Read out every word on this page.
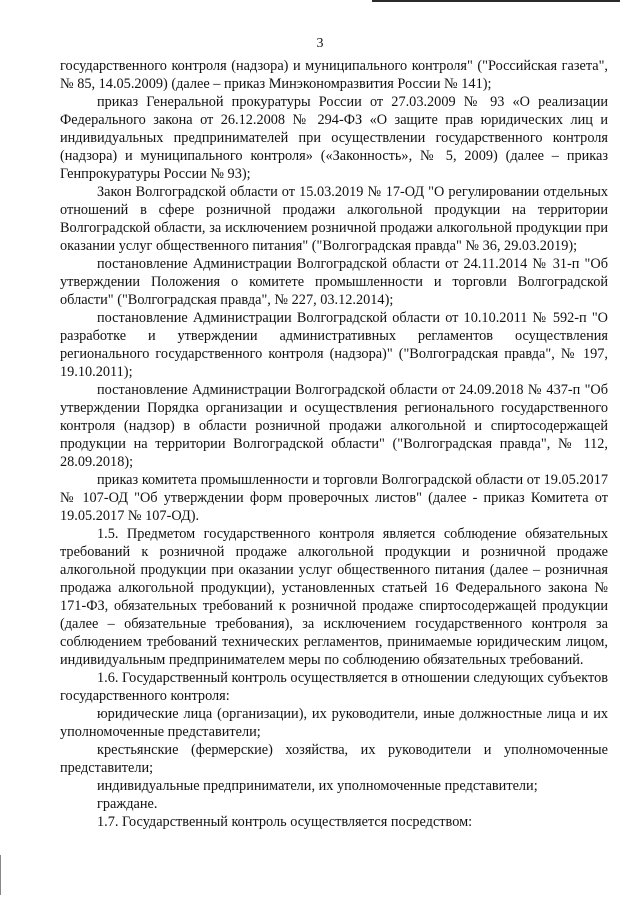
3

государственного контроля (надзора) и муниципального контроля" ("Российская газета", № 85, 14.05.2009) (далее – приказ Минэкономразвития России № 141);

приказ Генеральной прокуратуры России от 27.03.2009 № 93 «О реализации Федерального закона от 26.12.2008 № 294-ФЗ «О защите прав юридических лиц и индивидуальных предпринимателей при осуществлении государственного контроля (надзора) и муниципального контроля» («Законность», № 5, 2009) (далее – приказ Генпрокуратуры России № 93);

Закон Волгоградской области от 15.03.2019 № 17-ОД "О регулировании отдельных отношений в сфере розничной продажи алкогольной продукции на территории Волгоградской области, за исключением розничной продажи алкогольной продукции при оказании услуг общественного питания" ("Волгоградская правда" № 36, 29.03.2019);

постановление Администрации Волгоградской области от 24.11.2014 № 31-п "Об утверждении Положения о комитете промышленности и торговли Волгоградской области" ("Волгоградская правда", № 227, 03.12.2014);

постановление Администрации Волгоградской области от 10.10.2011 № 592-п "О разработке и утверждении административных регламентов осуществления регионального государственного контроля (надзора)" ("Волгоградская правда", № 197, 19.10.2011);

постановление Администрации Волгоградской области от 24.09.2018 № 437-п "Об утверждении Порядка организации и осуществления регионального государственного контроля (надзор) в области розничной продажи алкогольной и спиртосодержащей продукции на территории Волгоградской области" ("Волгоградская правда", № 112, 28.09.2018);

приказ комитета промышленности и торговли Волгоградской области от 19.05.2017 № 107-ОД "Об утверждении форм проверочных листов" (далее - приказ Комитета от 19.05.2017 № 107-ОД).

1.5. Предметом государственного контроля является соблюдение обязательных требований к розничной продаже алкогольной продукции и розничной продаже алкогольной продукции при оказании услуг общественного питания (далее – розничная продажа алкогольной продукции), установленных статьей 16 Федерального закона № 171-ФЗ, обязательных требований к розничной продаже спиртосодержащей продукции (далее – обязательные требования), за исключением государственного контроля за соблюдением требований технических регламентов, принимаемые юридическим лицом, индивидуальным предпринимателем меры по соблюдению обязательных требований.

1.6. Государственный контроль осуществляется в отношении следующих субъектов государственного контроля:

юридические лица (организации), их руководители, иные должностные лица и их уполномоченные представители;

крестьянские (фермерские) хозяйства, их руководители и уполномоченные представители;

индивидуальные предприниматели, их уполномоченные представители;

граждане.

1.7. Государственный контроль осуществляется посредством:
